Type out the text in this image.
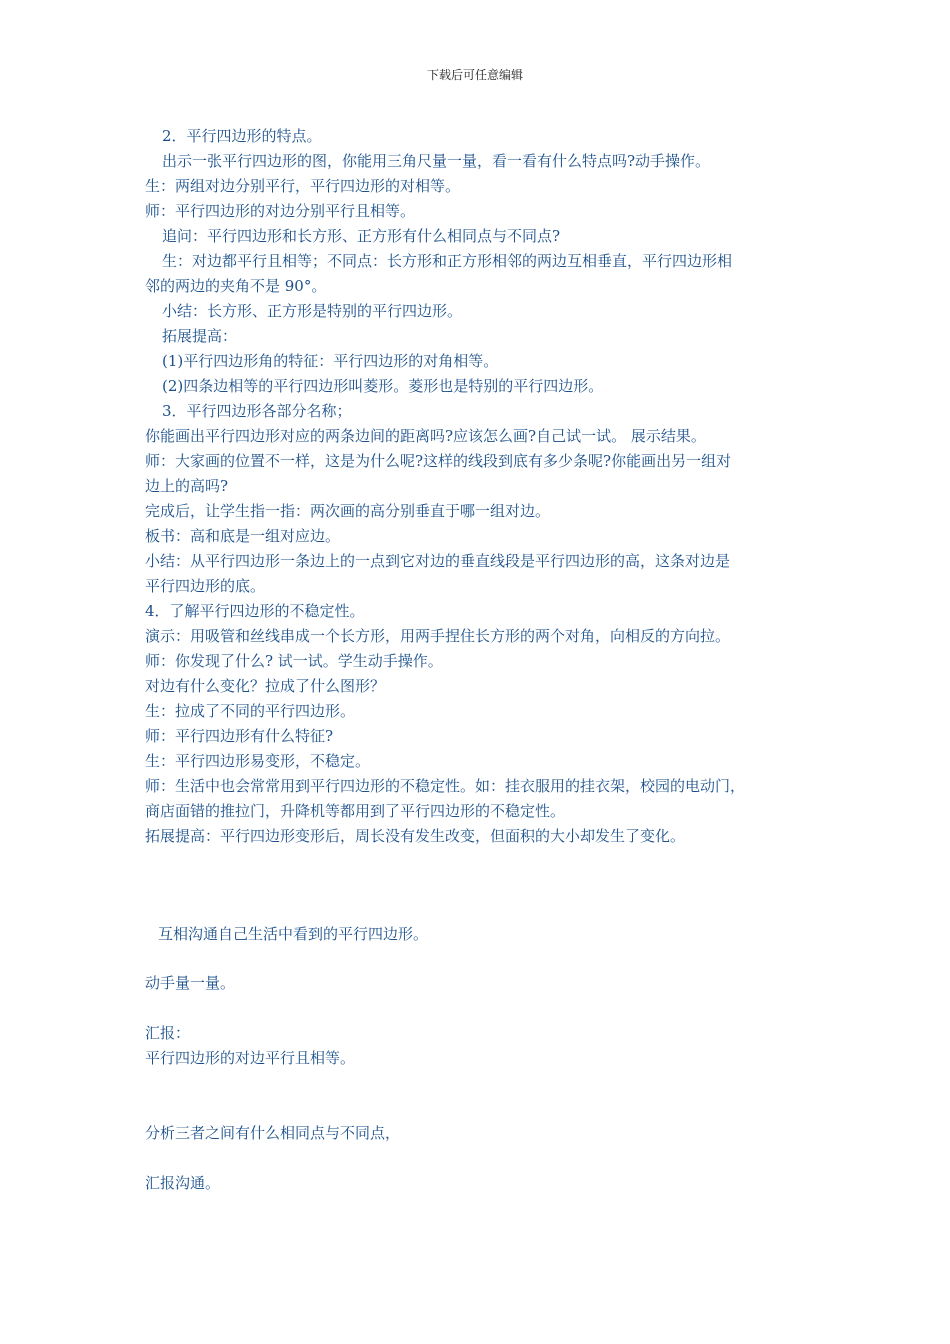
下载后可任意编辑
2．平行四边形的特点。
出示一张平行四边形的图，你能用三角尺量一量，看一看有什么特点吗?动手操作。
生：两组对边分别平行，平行四边形的对相等。
师：平行四边形的对边分别平行且相等。
追问：平行四边形和长方形、正方形有什么相同点与不同点?
生：对边都平行且相等；不同点：长方形和正方形相邻的两边互相垂直，平行四边形相
邻的两边的夹角不是 90°。
小结：长方形、正方形是特别的平行四边形。
拓展提高：
(1)平行四边形角的特征：平行四边形的对角相等。
(2)四条边相等的平行四边形叫菱形。菱形也是特别的平行四边形。
3．平行四边形各部分名称；
你能画出平行四边形对应的两条边间的距离吗?应该怎么画?自己试一试。 展示结果。
师：大家画的位置不一样，这是为什么呢?这样的线段到底有多少条呢?你能画出另一组对
边上的高吗?
完成后，让学生指一指：两次画的高分别垂直于哪一组对边。
板书：高和底是一组对应边。
小结：从平行四边形一条边上的一点到它对边的垂直线段是平行四边形的高，这条对边是
平行四边形的底。
4．了解平行四边形的不稳定性。
演示：用吸管和丝线串成一个长方形，用两手捏住长方形的两个对角，向相反的方向拉。
师：你发现了什么? 试一试。学生动手操作。
对边有什么变化？拉成了什么图形？
生：拉成了不同的平行四边形。
师：平行四边形有什么特征?
生：平行四边形易变形，不稳定。
师：生活中也会常常用到平行四边形的不稳定性。如：挂衣服用的挂衣架，校园的电动门，
商店面错的推拉门，升降机等都用到了平行四边形的不稳定性。
拓展提高：平行四边形变形后，周长没有发生改变，但面积的大小却发生了变化。
互相沟通自己生活中看到的平行四边形。
动手量一量。
汇报：
平行四边形的对边平行且相等。
分析三者之间有什么相同点与不同点，
汇报沟通。
